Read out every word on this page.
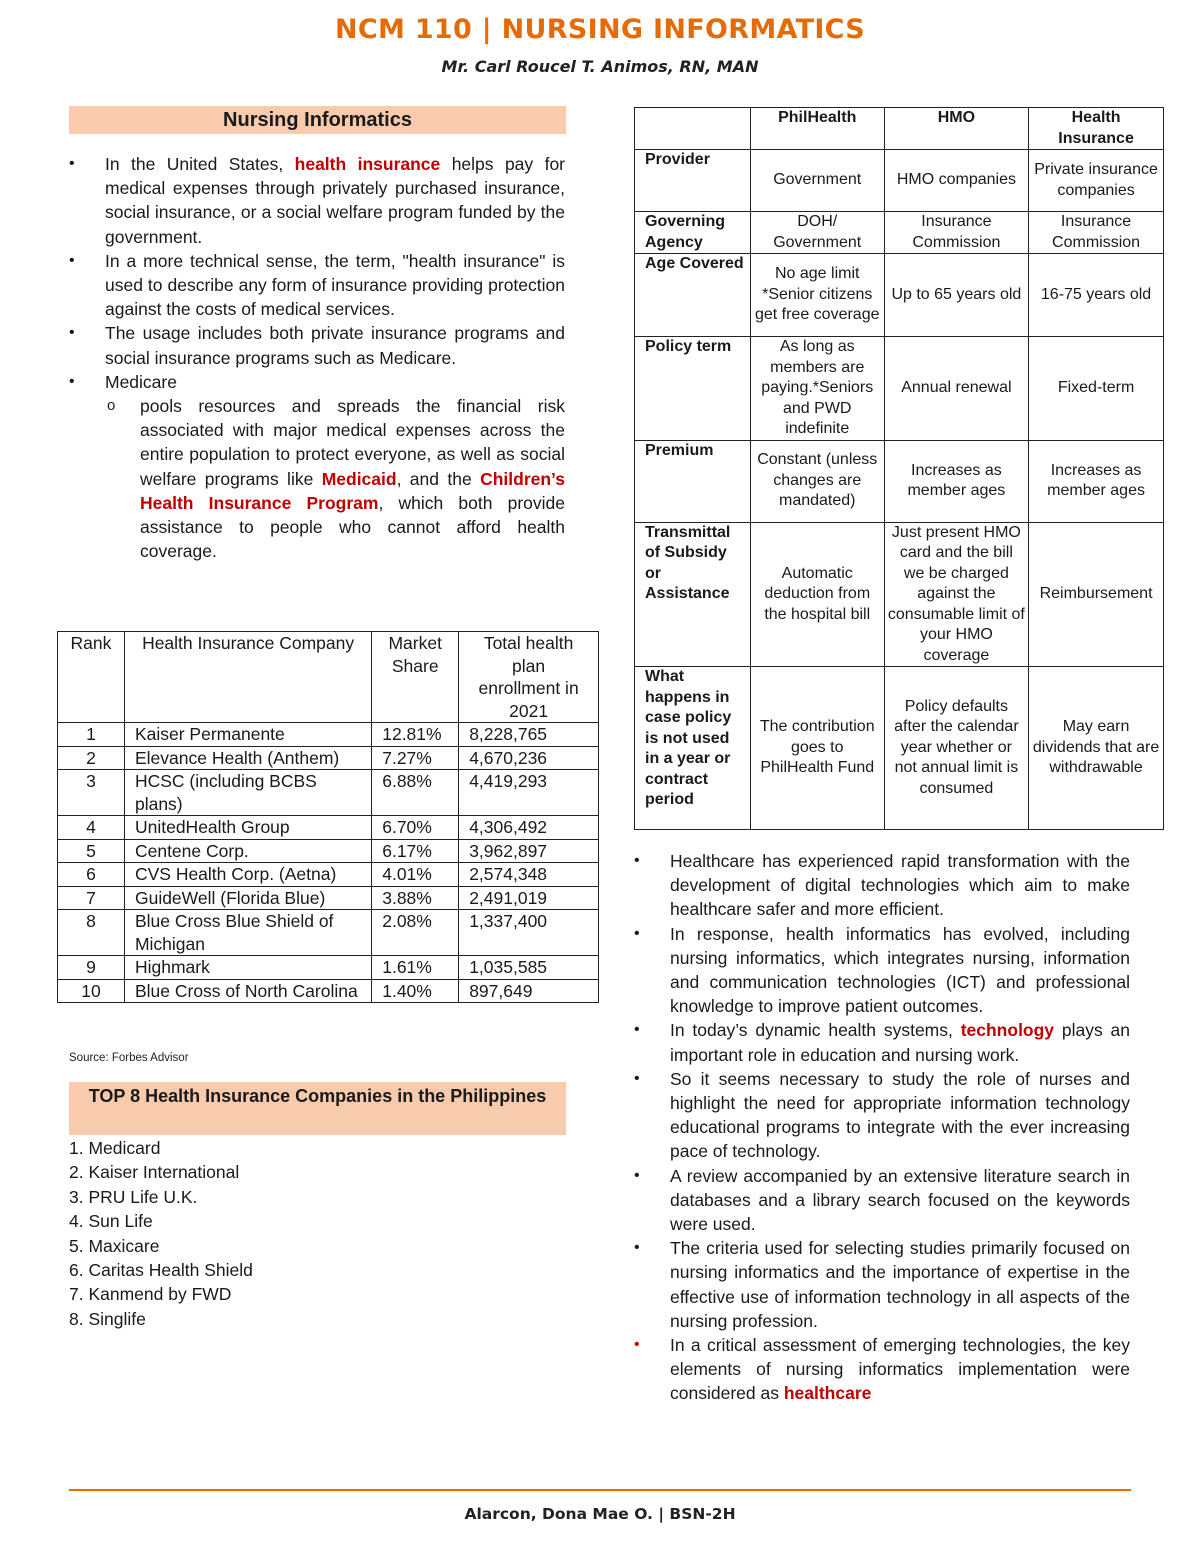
NCM 110 | NURSING INFORMATICS
Mr. Carl Roucel T. Animos, RN, MAN
Nursing Informatics
• In the United States, health insurance helps pay for medical expenses through privately purchased insurance, social insurance, or a social welfare program funded by the government.
• In a more technical sense, the term, "health insurance" is used to describe any form of insurance providing protection against the costs of medical services.
• The usage includes both private insurance programs and social insurance programs such as Medicare.
• Medicare
o pools resources and spreads the financial risk associated with major medical expenses across the entire population to protect everyone, as well as social welfare programs like Medicaid, and the Children’s Health Insurance Program, which both provide assistance to people who cannot afford health coverage.
Rank	Health Insurance Company	Market Share	Total health plan enrollment in 2021
1	Kaiser Permanente	12.81%	8,228,765
2	Elevance Health (Anthem)	7.27%	4,670,236
3	HCSC (including BCBS plans)	6.88%	4,419,293
4	UnitedHealth Group	6.70%	4,306,492
5	Centene Corp.	6.17%	3,962,897
6	CVS Health Corp. (Aetna)	4.01%	2,574,348
7	GuideWell (Florida Blue)	3.88%	2,491,019
8	Blue Cross Blue Shield of Michigan	2.08%	1,337,400
9	Highmark	1.61%	1,035,585
10	Blue Cross of North Carolina	1.40%	897,649
Source: Forbes Advisor
TOP 8 Health Insurance Companies in the Philippines
1. Medicard
2. Kaiser International
3. PRU Life U.K.
4. Sun Life
5. Maxicare
6. Caritas Health Shield
7. Kanmend by FWD
8. Singlife
	PhilHealth	HMO	Health Insurance
Provider	Government	HMO companies	Private insurance companies
Governing Agency	DOH/ Government	Insurance Commission	Insurance Commission
Age Covered	No age limit *Senior citizens get free coverage	Up to 65 years old	16-75 years old
Policy term	As long as members are paying.*Seniors and PWD indefinite	Annual renewal	Fixed-term
Premium	Constant (unless changes are mandated)	Increases as member ages	Increases as member ages
Transmittal of Subsidy or Assistance	Automatic deduction from the hospital bill	Just present HMO card and the bill we be charged against the consumable limit of your HMO coverage	Reimbursement
What happens in case policy is not used in a year or contract period	The contribution goes to PhilHealth Fund	Policy defaults after the calendar year whether or not annual limit is consumed	May earn dividends that are withdrawable
• Healthcare has experienced rapid transformation with the development of digital technologies which aim to make healthcare safer and more efficient.
• In response, health informatics has evolved, including nursing informatics, which integrates nursing, information and communication technologies (ICT) and professional knowledge to improve patient outcomes.
• In today’s dynamic health systems, technology plays an important role in education and nursing work.
• So it seems necessary to study the role of nurses and highlight the need for appropriate information technology educational programs to integrate with the ever increasing pace of technology.
• A review accompanied by an extensive literature search in databases and a library search focused on the keywords were used.
• The criteria used for selecting studies primarily focused on nursing informatics and the importance of expertise in the effective use of information technology in all aspects of the nursing profession.
• In a critical assessment of emerging technologies, the key elements of nursing informatics implementation were considered as healthcare
Alarcon, Dona Mae O. | BSN-2H
